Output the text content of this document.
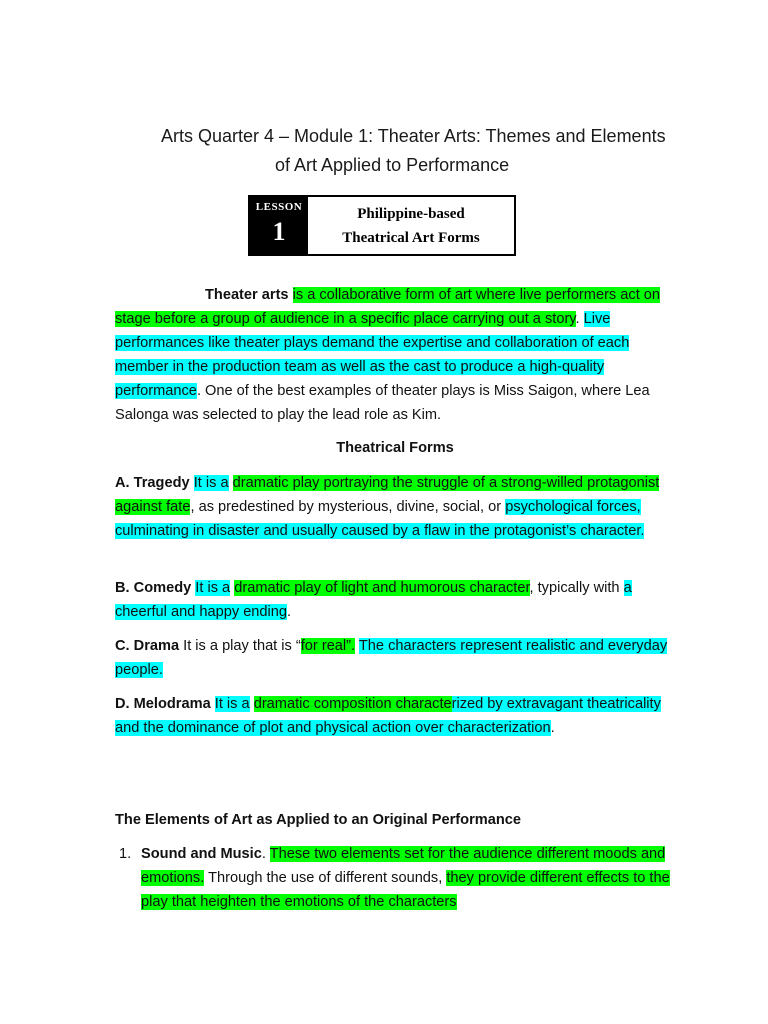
Arts Quarter 4 – Module 1: Theater Arts: Themes and Elements
of Art Applied to Performance
LESSON
1
Philippine-based
Theatrical Art Forms
Theater arts is a collaborative form of art where live performers act on stage before a group of audience in a specific place carrying out a story. Live performances like theater plays demand the expertise and collaboration of each member in the production team as well as the cast to produce a high-quality performance. One of the best examples of theater plays is Miss Saigon, where Lea Salonga was selected to play the lead role as Kim.
Theatrical Forms
A. Tragedy It is a dramatic play portraying the struggle of a strong-willed protagonist against fate, as predestined by mysterious, divine, social, or psychological forces, culminating in disaster and usually caused by a flaw in the protagonist’s character.
B. Comedy It is a dramatic play of light and humorous character, typically with a cheerful and happy ending.
C. Drama It is a play that is “for real”. The characters represent realistic and everyday people.
D. Melodrama It is a dramatic composition characterized by extravagant theatricality and the dominance of plot and physical action over characterization.
The Elements of Art as Applied to an Original Performance
1. Sound and Music. These two elements set for the audience different moods and emotions. Through the use of different sounds, they provide different effects to the play that heighten the emotions of the characters
